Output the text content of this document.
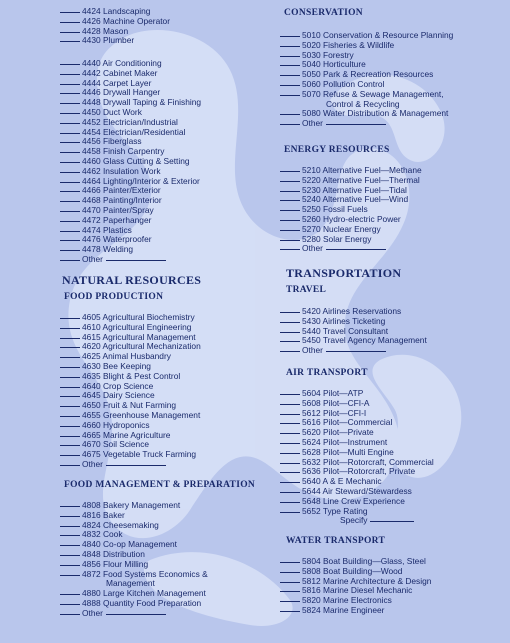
4424 Landscaping
4426 Machine Operator
4428 Mason
4430 Plumber
4440 Air Conditioning
4442 Cabinet Maker
4444 Carpet Layer
4446 Drywall Hanger
4448 Drywall Taping & Finishing
4450 Duct Work
4452 Electrician/Industrial
4454 Electrician/Residential
4456 Fiberglass
4458 Finish Carpentry
4460 Glass Cutting & Setting
4462 Insulation Work
4464 Lighting/Interior & Exterior
4466 Painter/Exterior
4468 Painting/Interior
4470 Painter/Spray
4472 Paperhanger
4474 Plastics
4476 Waterproofer
4478 Welding
Other
NATURAL RESOURCES
FOOD PRODUCTION
4605 Agricultural Biochemistry
4610 Agricultural Engineering
4615 Agricultural Management
4620 Agricultural Mechanization
4625 Animal Husbandry
4630 Bee Keeping
4635 Blight & Pest Control
4640 Crop Science
4645 Dairy Science
4650 Fruit & Nut Farming
4655 Greenhouse Management
4660 Hydroponics
4665 Marine Agriculture
4670 Soil Science
4675 Vegetable Truck Farming
Other
FOOD MANAGEMENT & PREPARATION
4808 Bakery Management
4816 Baker
4824 Cheesemaking
4832 Cook
4840 Co-op Management
4848 Distribution
4856 Flour Milling
4872 Food Systems Economics &
Management
4880 Large Kitchen Management
4888 Quantity Food Preparation
Other
CONSERVATION
5010 Conservation & Resource Planning
5020 Fisheries & Wildlife
5030 Forestry
5040 Horticulture
5050 Park & Recreation Resources
5060 Pollution Control
5070 Refuse & Sewage Management,
Control & Recycling
5080 Water Distribution & Management
Other
ENERGY RESOURCES
5210 Alternative Fuel—Methane
5220 Alternative Fuel—Thermal
5230 Alternative Fuel—Tidal
5240 Alternative Fuel—Wind
5250 Fossil Fuels
5260 Hydro-electric Power
5270 Nuclear Energy
5280 Solar Energy
Other
TRANSPORTATION
TRAVEL
5420 Airlines Reservations
5430 Airlines Ticketing
5440 Travel Consultant
5450 Travel Agency Management
Other
AIR TRANSPORT
5604 Pilot—ATP
5608 Pilot—CFI-A
5612 Pilot—CFI-I
5616 Pilot—Commercial
5620 Pilot—Private
5624 Pilot—Instrument
5628 Pilot—Multi Engine
5632 Pilot—Rotorcraft, Commercial
5636 Pilot—Rotorcraft, Private
5640 A & E Mechanic
5644 Air Steward/Stewardess
5648 Line Crew Experience
5652 Type Rating
Specify
WATER TRANSPORT
5804 Boat Building—Glass, Steel
5808 Boat Building—Wood
5812 Marine Architecture & Design
5816 Marine Diesel Mechanic
5820 Marine Electronics
5824 Marine Engineer
